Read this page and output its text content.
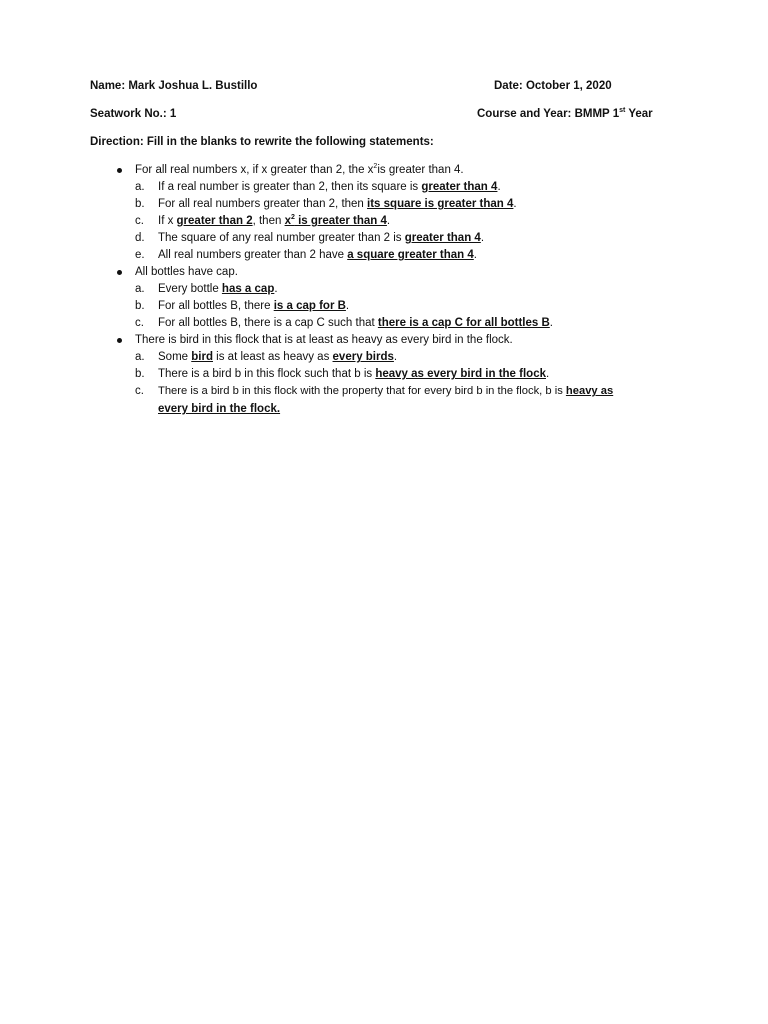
Name: Mark Joshua L. Bustillo	Date: October 1, 2020
Seatwork No.: 1	Course and Year: BMMP 1st Year
Direction: Fill in the blanks to rewrite the following statements:
For all real numbers x, if x greater than 2, the $x^2is$ greater than 4.
a. If a real number is greater than 2, then its square is greater than 4.
b. For all real numbers greater than 2, then its square is greater than 4.
c. If x greater than 2, then $x^2$ is greater than 4.
d. The square of any real number greater than 2 is greater than 4.
e. All real numbers greater than 2 have a square greater than 4.
All bottles have cap.
a. Every bottle has a cap.
b. For all bottles B, there is a cap for B.
c. For all bottles B, there is a cap C such that there is a cap C for all bottles B.
There is bird in this flock that is at least as heavy as every bird in the flock.
a. Some bird is at least as heavy as every birds.
b. There is a bird b in this flock such that b is heavy as every bird in the flock.
c. There is a bird b in this flock with the property that for every bird b in the flock, b is heavy as
every bird in the flock.
